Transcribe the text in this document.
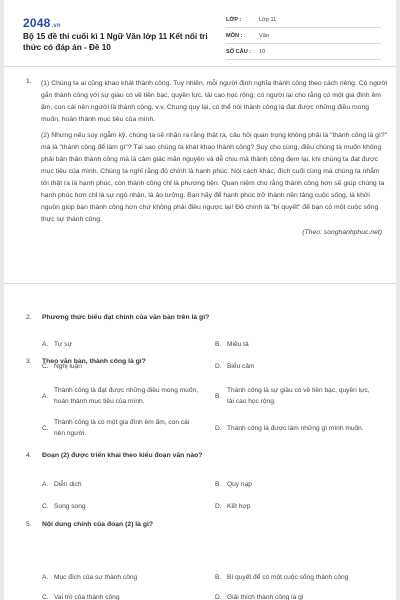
2048.vn
Bộ 15 đề thi cuối kì 1 Ngữ Văn lớp 11 Kết nối tri thức có đáp án - Đề 10
LỚP :	Lớp 11
MÔN :	Văn
SỐ CÂU :	10
1. (1) Chúng ta ai cũng khao khát thành công. Tuy nhiên, mỗi người định nghĩa thành công theo cách riêng. Có người gắn thành công với sự giàu có về tiền bạc, quyền lực, tài cao học rộng; có người lại cho rằng có một gia đình êm ấm, con cái nên người là thành công, v.v. Chung quy lại, có thể nói thành công là đạt được những điều mong muốn, hoàn thành mục tiêu của mình.
(2) Nhưng nếu suy ngẫm kỹ, chúng ta sẽ nhận ra rằng thật ra, câu hỏi quan trọng không phải là "thành công là gì?" mà là "thành công để làm gì"? Tại sao chúng ta khát khao thành công? Suy cho cùng, điều chúng ta muốn không phải bản thân thành công mà là cảm giác mãn nguyện và dễ chịu mà thành công đem lại, khi chúng ta đạt được mục tiêu của mình. Chúng ta nghĩ rằng đó chính là hạnh phúc. Nói cách khác, đích cuối cùng mà chúng ta nhắm tới thật ra là hạnh phúc, còn thành công chỉ là phương tiện. Quan niệm cho rằng thành công hơn sẽ giúp chúng ta hạnh phúc hơn chỉ là sự ngộ nhận, là ảo tưởng. Bạn hãy để hạnh phúc trở thành nền tảng cuộc sống, là khởi nguồn giúp bạn thành công hơn chứ không phải điều ngược lại! Đó chính là "bí quyết" để bạn có một cuộc sống thực sự thành công.
(Theo: songhanhphuc.net)
2.	Phương thức biểu đạt chính của văn bản trên là gì?
A. Tự sự	B. Miêu tả
C. Nghị luận	D. Biểu cảm
3.	Theo văn bản, thành công là gì?
A.
Thành công là đạt được những điều mong muốn, hoàn thành mục tiêu của mình.
B.
Thành công là sự giàu có về tiền bạc, quyền lực, tài cao học rộng.
C.
Thành công là có một gia đình êm ấm, con cái nên người.
D. Thành công là được làm những gì mình muốn.
4.	Đoạn (2) được triển khai theo kiểu đoạn văn nào?
A. Diễn dịch	B. Quy nạp
C. Song song	D. Kết hợp
5.	Nội dung chính của đoạn (2) là gì?
A. Mục đích của sự thành công	B. Bí quyết để có một cuộc sống thành công
C. Vai trò của thành công	D. Giải thích thành công là gì
